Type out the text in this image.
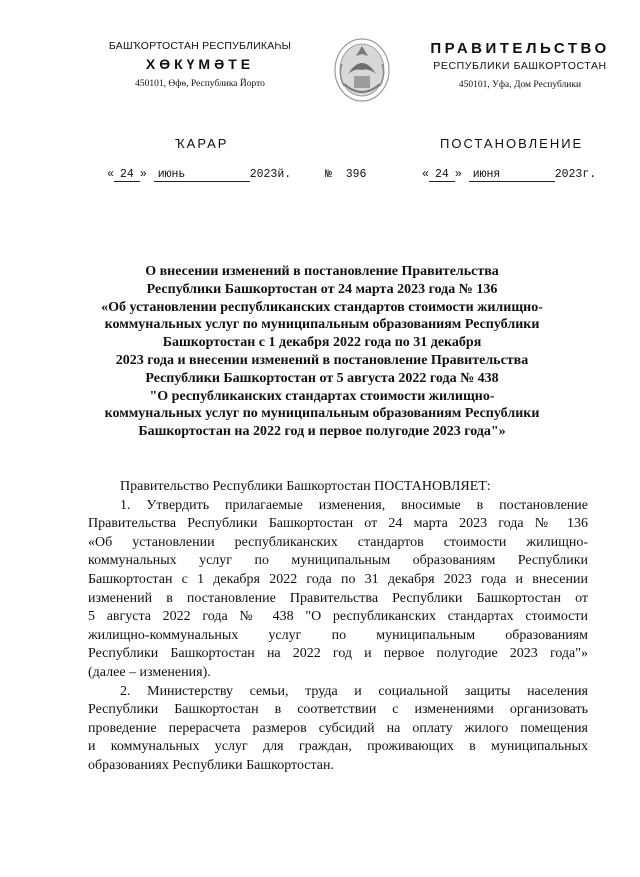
БАШҠОРТОСТАН РЕСПУБЛИКАҺЫ
ХӨКҮМӘТЕ
450101, Өфө, Республика Йорто
ПРАВИТЕЛЬСТВО
РЕСПУБЛИКИ БАШКОРТОСТАН
450101, Уфа, Дом Республики
ҠАРАР	ПОСТАНОВЛЕНИЕ
« 24 » июнь	2023й.	№ 396	« 24 » июня	2023г.
О внесении изменений в постановление Правительства
Республики Башкортостан от 24 марта 2023 года № 136
«Об установлении республиканских стандартов стоимости жилищно-
коммунальных услуг по муниципальным образованиям Республики
Башкортостан с 1 декабря 2022 года по 31 декабря
2023 года и внесении изменений в постановление Правительства
Республики Башкортостан от 5 августа 2022 года № 438
"О республиканских стандартах стоимости жилищно-
коммунальных услуг по муниципальным образованиям Республики
Башкортостан на 2022 год и первое полугодие 2023 года"»
Правительство Республики Башкортостан ПОСТАНОВЛЯЕТ:
1. Утвердить прилагаемые изменения, вносимые в постановление
Правительства Республики Башкортостан от 24 марта 2023 года № 136
«Об установлении республиканских стандартов стоимости жилищно-
коммунальных услуг по муниципальным образованиям Республики
Башкортостан с 1 декабря 2022 года по 31 декабря 2023 года и внесении
изменений в постановление Правительства Республики Башкортостан от
5 августа 2022 года № 438 "О республиканских стандартах стоимости
жилищно-коммунальных услуг по муниципальным образованиям
Республики Башкортостан на 2022 год и первое полугодие 2023 года"»
(далее – изменения).
2. Министерству семьи, труда и социальной защиты населения
Республики Башкортостан в соответствии с изменениями организовать
проведение перерасчета размеров субсидий на оплату жилого помещения
и коммунальных услуг для граждан, проживающих в муниципальных
образованиях Республики Башкортостан.
